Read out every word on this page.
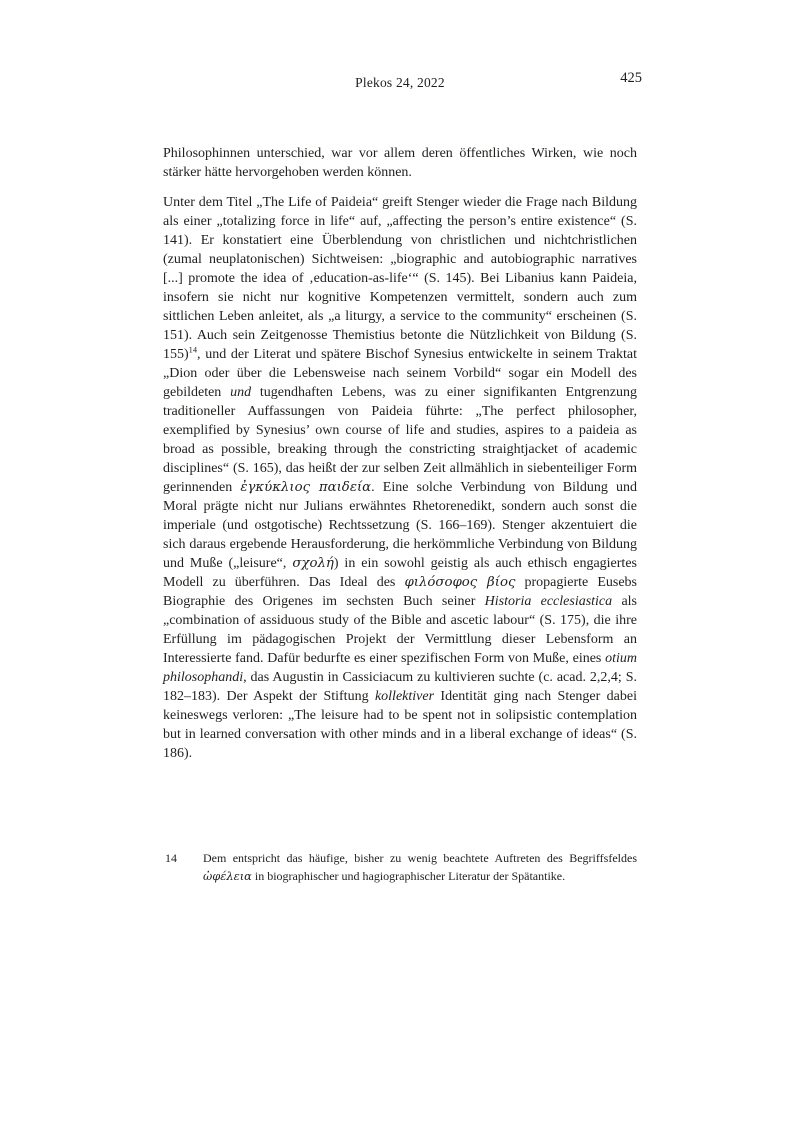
Plekos 24, 2022	425

Philosophinnen unterschied, war vor allem deren öffentliches Wirken, wie noch stärker hätte hervorgehoben werden können.

Unter dem Titel „The Life of Paideia“ greift Stenger wieder die Frage nach Bildung als einer „totalizing force in life“ auf, „affecting the person’s entire existence“ (S. 141). Er konstatiert eine Überblendung von christlichen und nichtchristlichen (zumal neuplatonischen) Sichtweisen: „biographic and autobiographic narratives [...] promote the idea of ‚education-as-life‘“ (S. 145). Bei Libanius kann Paideia, insofern sie nicht nur kognitive Kompetenzen vermittelt, sondern auch zum sittlichen Leben anleitet, als „a liturgy, a service to the community“ erscheinen (S. 151). Auch sein Zeitgenosse Themistius betonte die Nützlichkeit von Bildung (S. 155)$^{14}$, und der Literat und spätere Bischof Synesius entwickelte in seinem Traktat „Dion oder über die Lebensweise nach seinem Vorbild“ sogar ein Modell des gebildeten und tugendhaften Lebens, was zu einer signifikanten Entgrenzung traditioneller Auffassungen von Paideia führte: „The perfect philosopher, exemplified by Synesius’ own course of life and studies, aspires to a paideia as broad as possible, breaking through the constricting straightjacket of academic disciplines“ (S. 165), das heißt der zur selben Zeit allmählich in siebenteiliger Form gerinnenden ἐγκύκλιος παιδεία. Eine solche Verbindung von Bildung und Moral prägte nicht nur Julians erwähntes Rhetorenedikt, sondern auch sonst die imperiale (und ostgotische) Rechtssetzung (S. 166–169). Stenger akzentuiert die sich daraus ergebende Herausforderung, die herkömmliche Verbindung von Bildung und Muße („leisure“, σχολή) in ein sowohl geistig als auch ethisch engagiertes Modell zu überführen. Das Ideal des φιλόσοφος βίος propagierte Eusebs Biographie des Origenes im sechsten Buch seiner Historia ecclesiastica als „combination of assiduous study of the Bible and ascetic labour“ (S. 175), die ihre Erfüllung im pädagogischen Projekt der Vermittlung dieser Lebensform an Interessierte fand. Dafür bedurfte es einer spezifischen Form von Muße, eines otium philosophandi, das Augustin in Cassiciacum zu kultivieren suchte (c. acad. 2,2,4; S. 182–183). Der Aspekt der Stiftung kollektiver Identität ging nach Stenger dabei keineswegs verloren: „The leisure had to be spent not in solipsistic contemplation but in learned conversation with other minds and in a liberal exchange of ideas“ (S. 186).

14	Dem entspricht das häufige, bisher zu wenig beachtete Auftreten des Begriffsfeldes ὠφέλεια in biographischer und hagiographischer Literatur der Spätantike.
